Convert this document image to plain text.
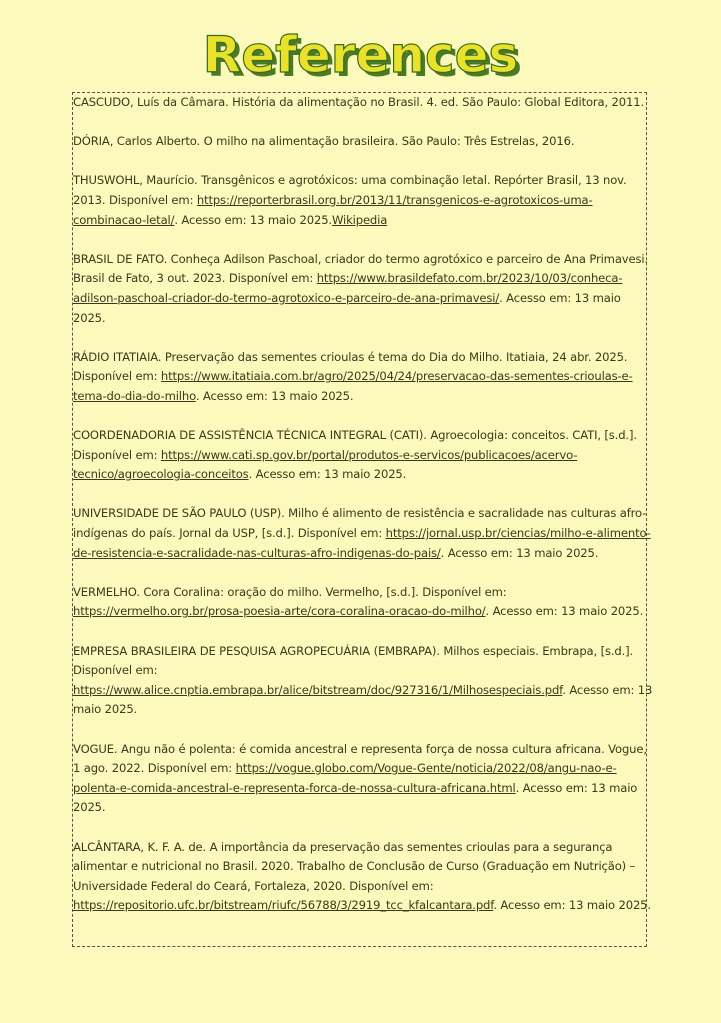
References

CASCUDO, Luís da Câmara. História da alimentação no Brasil. 4. ed. São Paulo: Global Editora, 2011.

DÓRIA, Carlos Alberto. O milho na alimentação brasileira. São Paulo: Três Estrelas, 2016.

THUSWOHL, Maurício. Transgênicos e agrotóxicos: uma combinação letal. Repórter Brasil, 13 nov. 2013. Disponível em: https://reporterbrasil.org.br/2013/11/transgenicos-e-agrotoxicos-uma-combinacao-letal/. Acesso em: 13 maio 2025.Wikipedia

BRASIL DE FATO. Conheça Adilson Paschoal, criador do termo agrotóxico e parceiro de Ana Primavesi. Brasil de Fato, 3 out. 2023. Disponível em: https://www.brasildefato.com.br/2023/10/03/conheca-adilson-paschoal-criador-do-termo-agrotoxico-e-parceiro-de-ana-primavesi/. Acesso em: 13 maio 2025.

RÁDIO ITATIAIA. Preservação das sementes crioulas é tema do Dia do Milho. Itatiaia, 24 abr. 2025. Disponível em: https://www.itatiaia.com.br/agro/2025/04/24/preservacao-das-sementes-crioulas-e-tema-do-dia-do-milho. Acesso em: 13 maio 2025.

COORDENADORIA DE ASSISTÊNCIA TÉCNICA INTEGRAL (CATI). Agroecologia: conceitos. CATI, [s.d.]. Disponível em: https://www.cati.sp.gov.br/portal/produtos-e-servicos/publicacoes/acervo-tecnico/agroecologia-conceitos. Acesso em: 13 maio 2025.

UNIVERSIDADE DE SÃO PAULO (USP). Milho é alimento de resistência e sacralidade nas culturas afro-indígenas do país. Jornal da USP, [s.d.]. Disponível em: https://jornal.usp.br/ciencias/milho-e-alimento-de-resistencia-e-sacralidade-nas-culturas-afro-indigenas-do-pais/. Acesso em: 13 maio 2025.

VERMELHO. Cora Coralina: oração do milho. Vermelho, [s.d.]. Disponível em: https://vermelho.org.br/prosa-poesia-arte/cora-coralina-oracao-do-milho/. Acesso em: 13 maio 2025.

EMPRESA BRASILEIRA DE PESQUISA AGROPECUÁRIA (EMBRAPA). Milhos especiais. Embrapa, [s.d.]. Disponível em: https://www.alice.cnptia.embrapa.br/alice/bitstream/doc/927316/1/Milhosespeciais.pdf. Acesso em: 13 maio 2025.

VOGUE. Angu não é polenta: é comida ancestral e representa força de nossa cultura africana. Vogue, 1 ago. 2022. Disponível em: https://vogue.globo.com/Vogue-Gente/noticia/2022/08/angu-nao-e-polenta-e-comida-ancestral-e-representa-forca-de-nossa-cultura-africana.html. Acesso em: 13 maio 2025.

ALCÂNTARA, K. F. A. de. A importância da preservação das sementes crioulas para a segurança alimentar e nutricional no Brasil. 2020. Trabalho de Conclusão de Curso (Graduação em Nutrição) – Universidade Federal do Ceará, Fortaleza, 2020. Disponível em: https://repositorio.ufc.br/bitstream/riufc/56788/3/2919_tcc_kfalcantara.pdf. Acesso em: 13 maio 2025.
